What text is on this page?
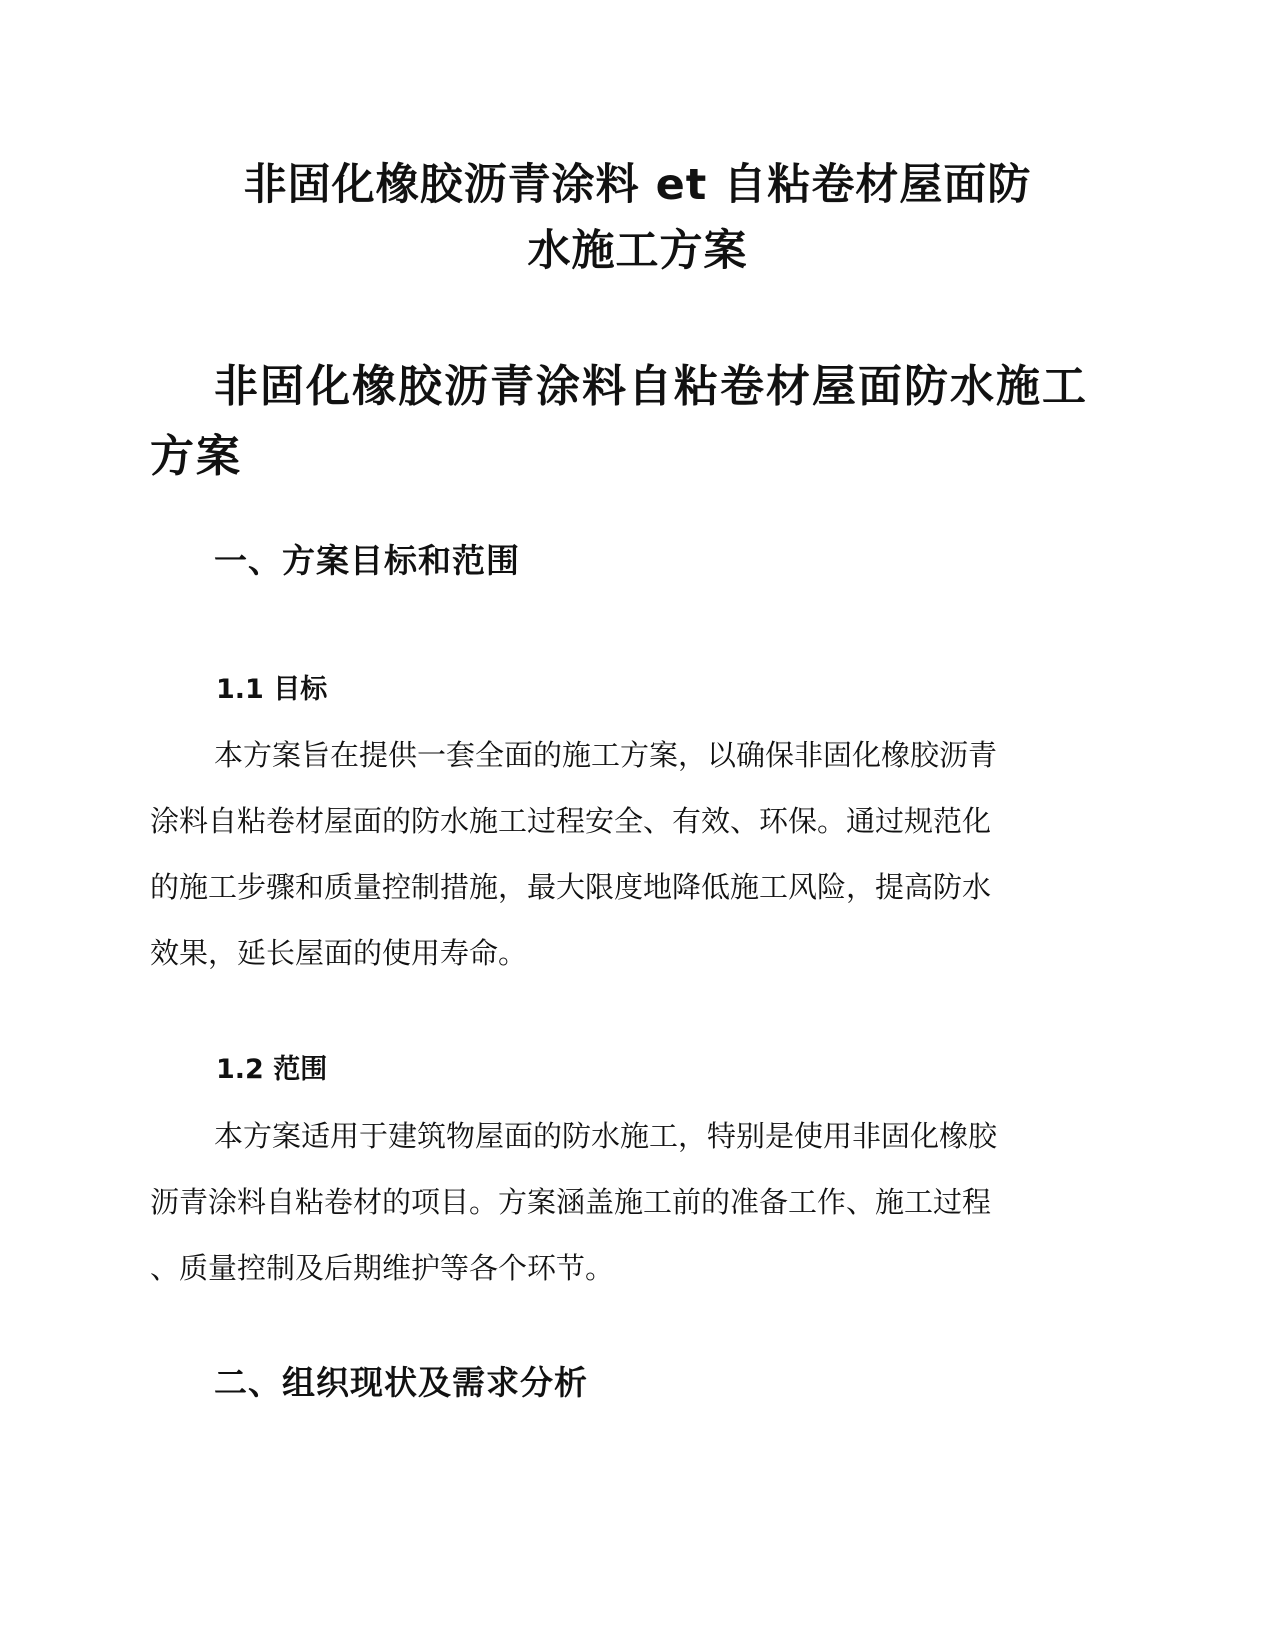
非固化橡胶沥青涂料 et 自粘卷材屋面防
水施工方案
非固化橡胶沥青涂料自粘卷材屋面防水施工方案
一、方案目标和范围
1.1 目标

本方案旨在提供一套全面的施工方案，以确保非固化橡胶沥青
涂料自粘卷材屋面的防水施工过程安全、有效、环保。通过规范化
的施工步骤和质量控制措施，最大限度地降低施工风险，提高防水
效果，延长屋面的使用寿命。

1.2 范围

本方案适用于建筑物屋面的防水施工，特别是使用非固化橡胶
沥青涂料自粘卷材的项目。方案涵盖施工前的准备工作、施工过程
、质量控制及后期维护等各个环节。

二、组织现状及需求分析
